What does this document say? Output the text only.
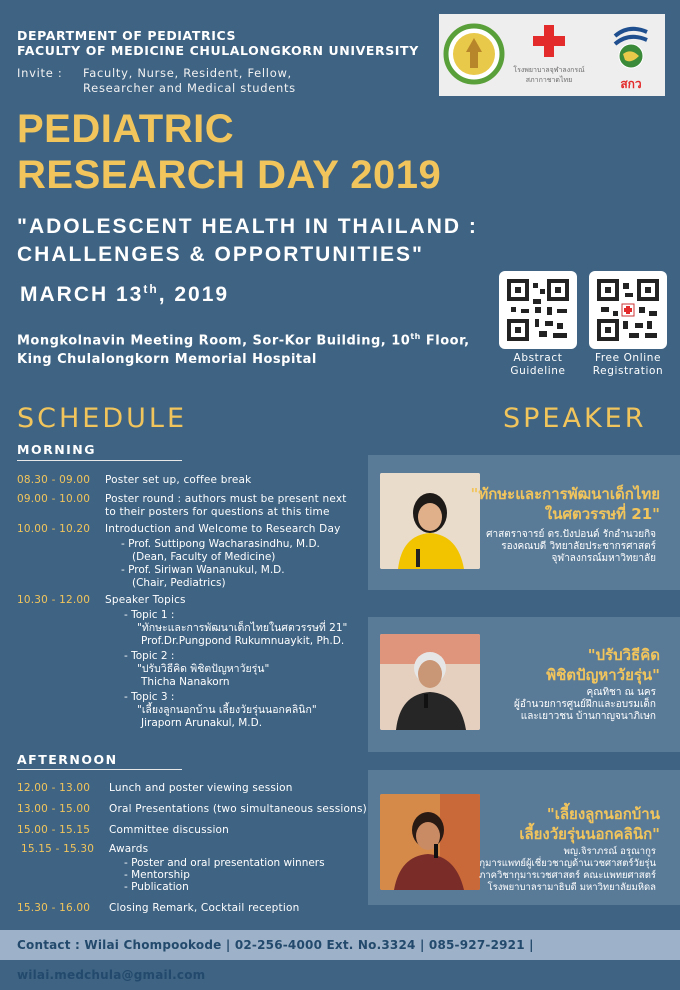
DEPARTMENT OF PEDIATRICS
FACULTY OF MEDICINE CHULALONGKORN UNIVERSITY
Invite : Faculty, Nurse, Resident, Fellow,
Researcher and Medical students
โรงพยาบาลจุฬาลงกรณ์
สภากาชาดไทย	สกว
PEDIATRIC
RESEARCH DAY 2019
"ADOLESCENT HEALTH IN THAILAND :
CHALLENGES & OPPORTUNITIES"
MARCH 13th, 2019
Mongkolnavin Meeting Room, Sor-Kor Building, 10th Floor,
King Chulalongkorn Memorial Hospital	Abstract
Guideline
Free Online
Registration
SCHEDULE	SPEAKER
MORNING
08.30 - 09.00 Poster set up, coffee break
09.00 - 10.00 Poster round : authors must be present next
to their posters for questions at this time
10.00 - 10.20 Introduction and Welcome to Research Day
- Prof. Suttipong Wacharasindhu, M.D.
(Dean, Faculty of Medicine)
- Prof. Siriwan Wananukul, M.D.
(Chair, Pediatrics)
10.30 - 12.00 Speaker Topics
- Topic 1 :
"ทักษะและการพัฒนาเด็กไทยในศตวรรษที่ 21"
Prof.Dr.Pungpond Rukumnuaykit, Ph.D.
- Topic 2 :
"ปรับวิธีคิด พิชิตปัญหาวัยรุ่น"
Thicha Nanakorn
- Topic 3 :
"เลี้ยงลูกนอกบ้าน เลี้ยงวัยรุ่นนอกคลินิก"
Jiraporn Arunakul, M.D.
AFTERNOON
12.00 - 13.00 Lunch and poster viewing session
13.00 - 15.00 Oral Presentations (two simultaneous sessions)
15.00 - 15.15 Committee discussion
15.15 - 15.30 Awards
- Poster and oral presentation winners
- Mentorship
- Publication
15.30 - 16.00 Closing Remark, Cocktail reception
"ทักษะและการพัฒนาเด็กไทย
ในศตวรรษที่ 21"
ศาสตราจารย์ ดร.ปังปอนด์ รักอำนวยกิจ
รองคณบดี วิทยาลัยประชากรศาสตร์
จุฬาลงกรณ์มหาวิทยาลัย
"ปรับวิธีคิด
พิชิตปัญหาวัยรุ่น"
คุณทิชา ณ นคร
ผู้อำนวยการศูนย์ฝึกและอบรมเด็ก
และเยาวชน บ้านกาญจนาภิเษก
"เลี้ยงลูกนอกบ้าน
เลี้ยงวัยรุ่นนอกคลินิก"
พญ.จิราภรณ์ อรุณากูร
กุมารแพทย์ผู้เชี่ยวชาญด้านเวชศาสตร์วัยรุ่น
ภาควิชากุมารเวชศาสตร์ คณะแพทยศาสตร์
โรงพยาบาลรามาธิบดี มหาวิทยาลัยมหิดล
Contact : Wilai Chompookode | 02-256-4000 Ext. No.3324 | 085-927-2921 | wilai.medchula@gmail.com
